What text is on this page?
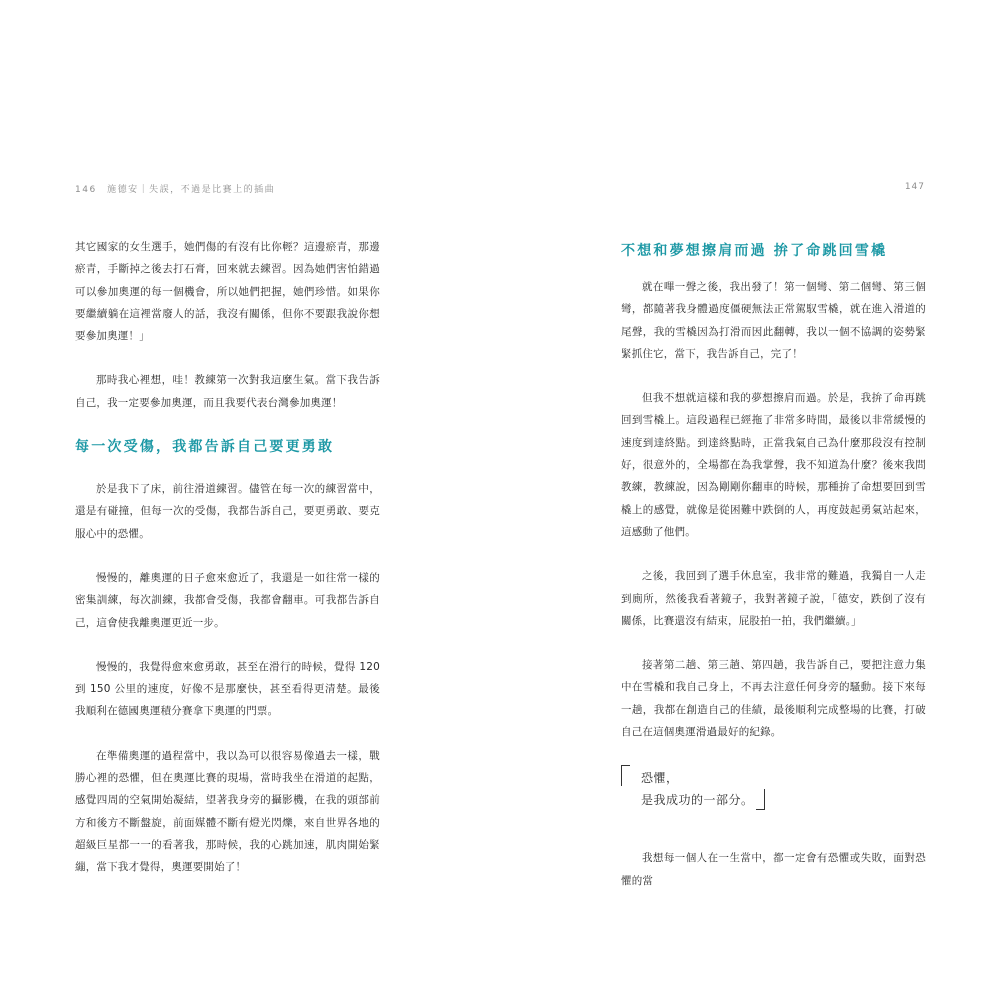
146　施德安｜失誤，不過是比賽上的插曲	147

其它國家的女生選手，她們傷的有沒有比你輕？這邊瘀青，那邊瘀青，手斷掉之後去打石膏，回來就去練習。因為她們害怕錯過可以參加奧運的每一個機會，所以她們把握，她們珍惜。如果你要繼續躺在這裡當廢人的話，我沒有關係，但你不要跟我說你想要參加奧運！」

那時我心裡想，哇！教練第一次對我這麼生氣。當下我告訴自己，我一定要參加奧運，而且我要代表台灣參加奧運！

每一次受傷，我都告訴自己要更勇敢

於是我下了床，前往滑道練習。儘管在每一次的練習當中，還是有碰撞，但每一次的受傷，我都告訴自己，要更勇敢、要克服心中的恐懼。

慢慢的，離奧運的日子愈來愈近了，我還是一如往常一樣的密集訓練，每次訓練，我都會受傷，我都會翻車。可我都告訴自己，這會使我離奧運更近一步。

慢慢的，我覺得愈來愈勇敢，甚至在滑行的時候，覺得 120 到 150 公里的速度，好像不是那麼快，甚至看得更清楚。最後我順利在德國奧運積分賽拿下奧運的門票。

在準備奧運的過程當中，我以為可以很容易像過去一樣，戰勝心裡的恐懼，但在奧運比賽的現場，當時我坐在滑道的起點，感覺四周的空氣開始凝結，望著我身旁的攝影機，在我的頭部前方和後方不斷盤旋，前面媒體不斷有燈光閃爍，來自世界各地的超級巨星都一一的看著我，那時候，我的心跳加速，肌肉開始緊繃，當下我才覺得，奧運要開始了！

不想和夢想擦肩而過 拚了命跳回雪橇

就在嗶一聲之後，我出發了！第一個彎、第二個彎、第三個彎，都隨著我身體過度僵硬無法正常駕馭雪橇，就在進入滑道的尾聲，我的雪橇因為打滑而因此翻轉，我以一個不協調的姿勢緊緊抓住它，當下，我告訴自己，完了！

但我不想就這樣和我的夢想擦肩而過。於是，我拚了命再跳回到雪橇上。這段過程已經拖了非常多時間，最後以非常緩慢的速度到達終點。到達終點時，正當我氣自己為什麼那段沒有控制好，很意外的，全場都在為我掌聲，我不知道為什麼？後來我問教練，教練說，因為剛剛你翻車的時候，那種拚了命想要回到雪橇上的感覺，就像是從困難中跌倒的人，再度鼓起勇氣站起來，這感動了他們。

之後，我回到了選手休息室，我非常的難過，我獨自一人走到廁所，然後我看著鏡子，我對著鏡子說，「德安，跌倒了沒有關係，比賽還沒有結束，屁股拍一拍，我們繼續。」

接著第二趟、第三趟、第四趟，我告訴自己，要把注意力集中在雪橇和我自己身上，不再去注意任何身旁的騷動。接下來每一趟，我都在創造自己的佳績，最後順利完成整場的比賽，打破自己在這個奧運滑過最好的紀錄。

恐懼，
是我成功的一部分。

我想每一個人在一生當中，都一定會有恐懼或失敗，面對恐懼的當
